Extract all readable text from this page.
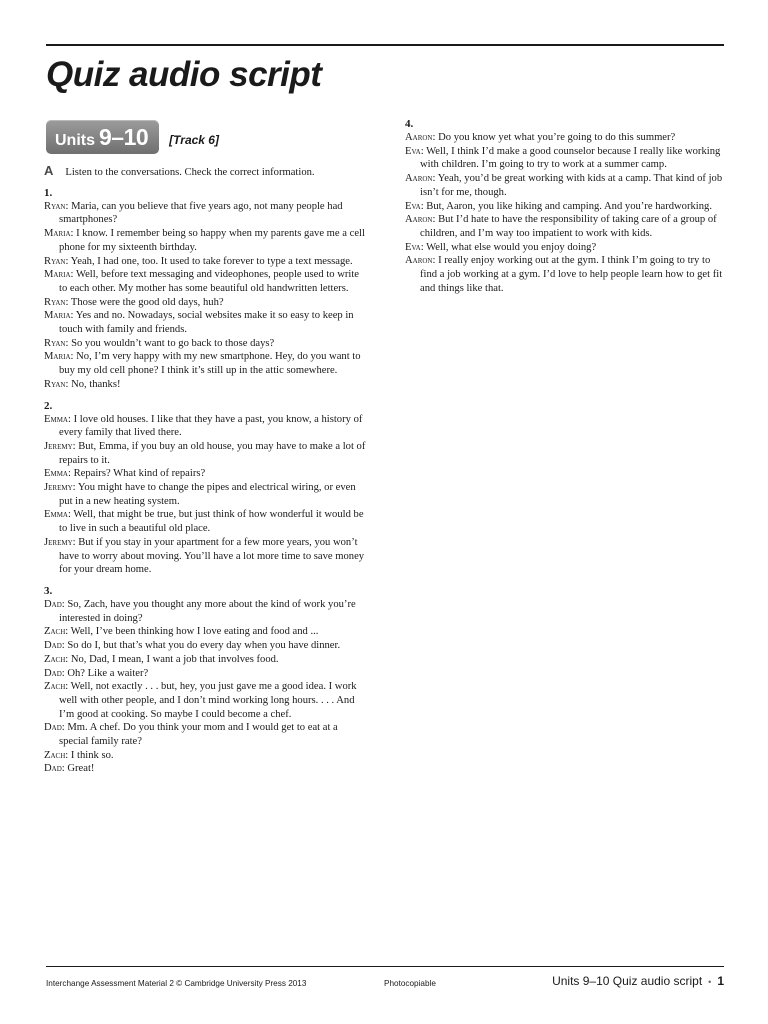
Quiz audio script
Units 9–10 [Track 6]
A Listen to the conversations. Check the correct information.
1.
Ryan: Maria, can you believe that five years ago, not many people had smartphones?
Maria: I know. I remember being so happy when my parents gave me a cell phone for my sixteenth birthday.
Ryan: Yeah, I had one, too. It used to take forever to type a text message.
Maria: Well, before text messaging and videophones, people used to write to each other. My mother has some beautiful old handwritten letters.
Ryan: Those were the good old days, huh?
Maria: Yes and no. Nowadays, social websites make it so easy to keep in touch with family and friends.
Ryan: So you wouldn’t want to go back to those days?
Maria: No, I’m very happy with my new smartphone. Hey, do you want to buy my old cell phone? I think it’s still up in the attic somewhere.
Ryan: No, thanks!
2.
Emma: I love old houses. I like that they have a past, you know, a history of every family that lived there.
Jeremy: But, Emma, if you buy an old house, you may have to make a lot of repairs to it.
Emma: Repairs? What kind of repairs?
Jeremy: You might have to change the pipes and electrical wiring, or even put in a new heating system.
Emma: Well, that might be true, but just think of how wonderful it would be to live in such a beautiful old place.
Jeremy: But if you stay in your apartment for a few more years, you won’t have to worry about moving. You’ll have a lot more time to save money for your dream home.
3.
Dad: So, Zach, have you thought any more about the kind of work you’re interested in doing?
Zach: Well, I’ve been thinking how I love eating and food and ...
Dad: So do I, but that’s what you do every day when you have dinner.
Zach: No, Dad, I mean, I want a job that involves food.
Dad: Oh? Like a waiter?
Zach: Well, not exactly . . . but, hey, you just gave me a good idea. I work well with other people, and I don’t mind working long hours. . . . And I’m good at cooking. So maybe I could become a chef.
Dad: Mm. A chef. Do you think your mom and I would get to eat at a special family rate?
Zach: I think so.
Dad: Great!
4.
Aaron: Do you know yet what you’re going to do this summer?
Eva: Well, I think I’d make a good counselor because I really like working with children. I’m going to try to work at a summer camp.
Aaron: Yeah, you’d be great working with kids at a camp. That kind of job isn’t for me, though.
Eva: But, Aaron, you like hiking and camping. And you’re hardworking.
Aaron: But I’d hate to have the responsibility of taking care of a group of children, and I’m way too impatient to work with kids.
Eva: Well, what else would you enjoy doing?
Aaron: I really enjoy working out at the gym. I think I’m going to try to find a job working at a gym. I’d love to help people learn how to get fit and things like that.
Interchange Assessment Material 2 © Cambridge University Press 2013	Photocopiable	Units 9–10 Quiz audio script • 1
